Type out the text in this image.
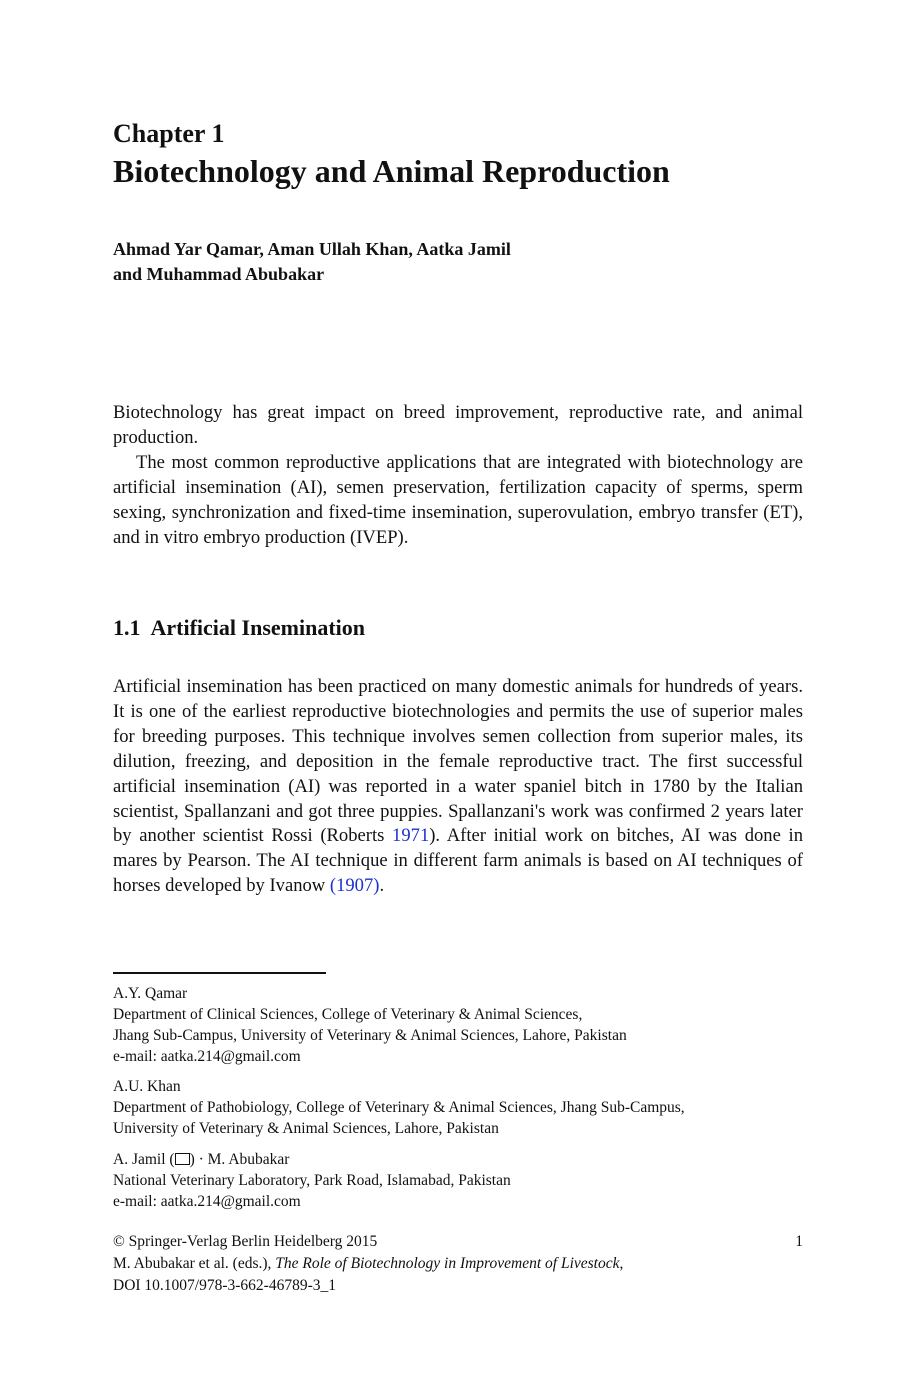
Chapter 1
Biotechnology and Animal Reproduction
Ahmad Yar Qamar, Aman Ullah Khan, Aatka Jamil
and Muhammad Abubakar

Biotechnology has great impact on breed improvement, reproductive rate, and animal production.

The most common reproductive applications that are integrated with biotechnology are artificial insemination (AI), semen preservation, fertilization capacity of sperms, sperm sexing, synchronization and fixed-time insemination, superovulation, embryo transfer (ET), and in vitro embryo production (IVEP).

1.1 Artificial Insemination

Artificial insemination has been practiced on many domestic animals for hundreds of years. It is one of the earliest reproductive biotechnologies and permits the use of superior males for breeding purposes. This technique involves semen collection from superior males, its dilution, freezing, and deposition in the female reproductive tract. The first successful artificial insemination (AI) was reported in a water spaniel bitch in 1780 by the Italian scientist, Spallanzani and got three puppies. Spallanzani's work was confirmed 2 years later by another scientist Rossi (Roberts 1971). After initial work on bitches, AI was done in mares by Pearson. The AI technique in different farm animals is based on AI techniques of horses developed by Ivanow (1907).

A.Y. Qamar
Department of Clinical Sciences, College of Veterinary & Animal Sciences,
Jhang Sub-Campus, University of Veterinary & Animal Sciences, Lahore, Pakistan
e-mail: aatka.214@gmail.com
A.U. Khan
Department of Pathobiology, College of Veterinary & Animal Sciences, Jhang Sub-Campus,
University of Veterinary & Animal Sciences, Lahore, Pakistan
A. Jamil ( ) · M. Abubakar
National Veterinary Laboratory, Park Road, Islamabad, Pakistan
e-mail: aatka.214@gmail.com
© Springer-Verlag Berlin Heidelberg 2015	1
M. Abubakar et al. (eds.), The Role of Biotechnology in Improvement of Livestock,
DOI 10.1007/978-3-662-46789-3_1
